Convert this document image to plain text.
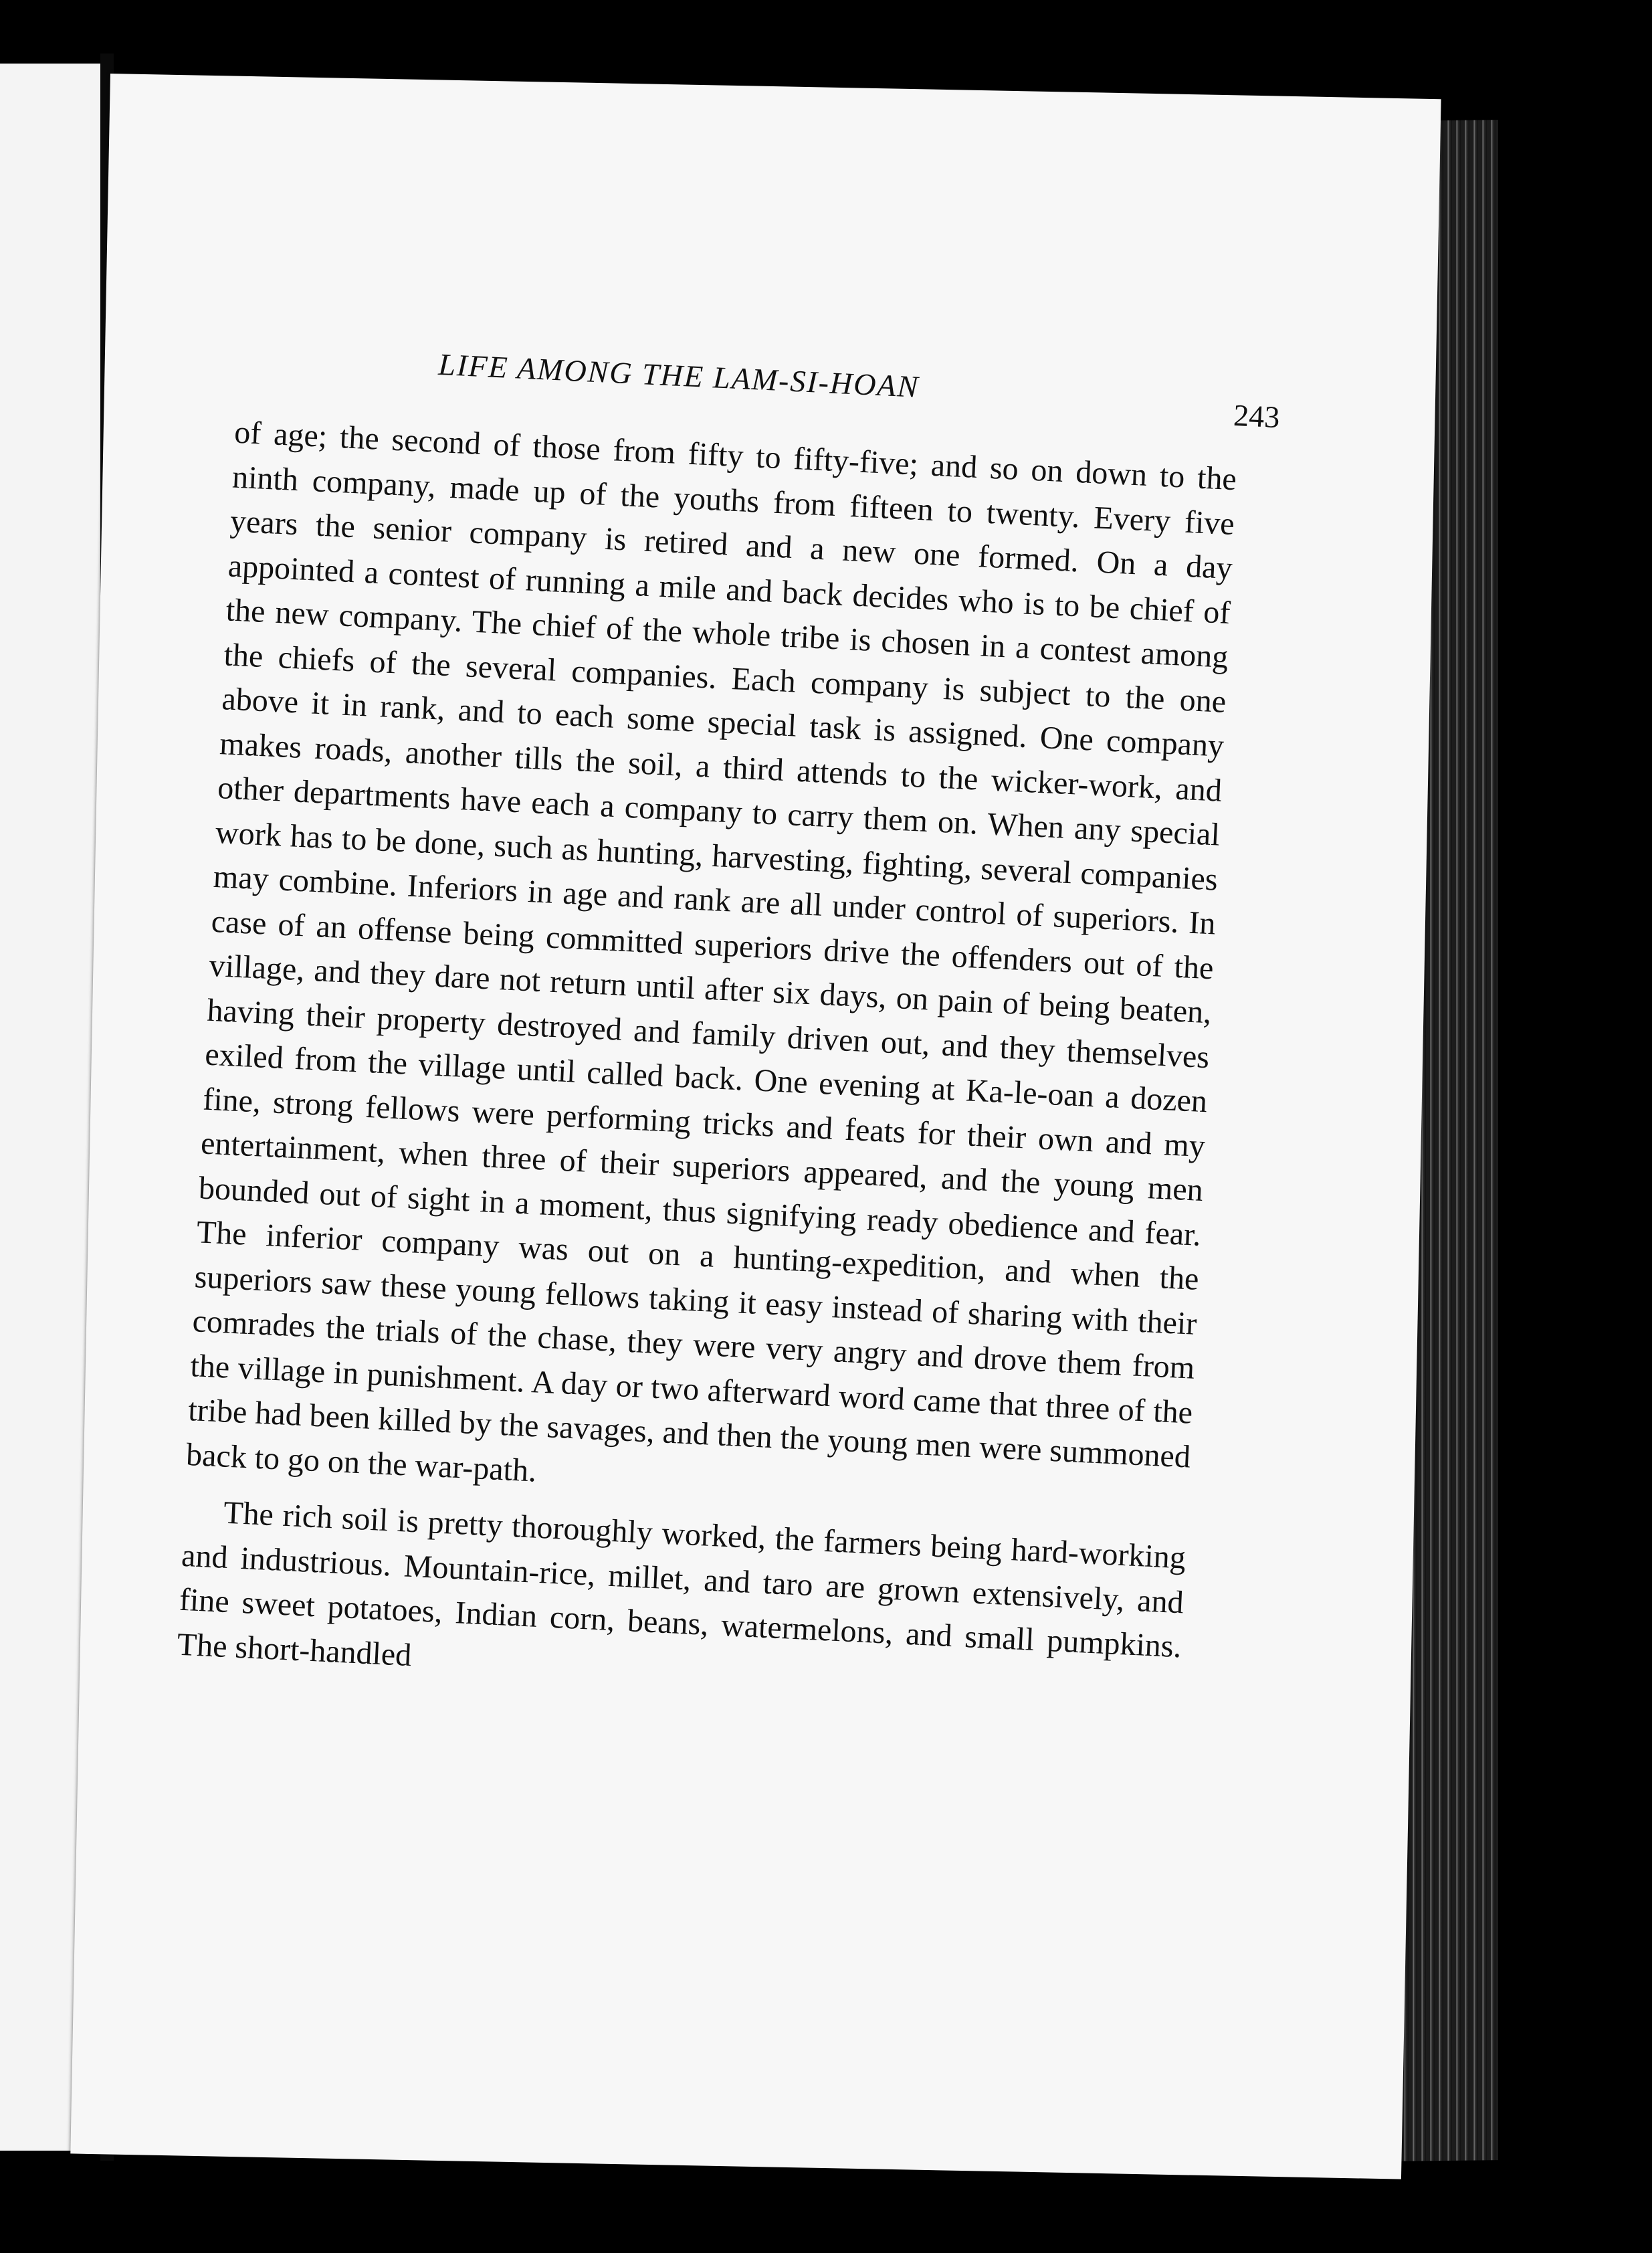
LIFE AMONG THE LAM-SI-HOAN
243

of age; the second of those from fifty to fifty-five; and so on down to the ninth company, made up of the youths from fifteen to twenty. Every five years the senior company is retired and a new one formed. On a day appointed a contest of running a mile and back decides who is to be chief of the new company. The chief of the whole tribe is chosen in a contest among the chiefs of the several companies. Each company is subject to the one above it in rank, and to each some special task is assigned. One company makes roads, another tills the soil, a third attends to the wicker-work, and other departments have each a company to carry them on. When any special work has to be done, such as hunting, harvesting, fighting, several companies may combine. Inferiors in age and rank are all under control of superiors. In case of an offense being committed superiors drive the offenders out of the village, and they dare not return until after six days, on pain of being beaten, having their property destroyed and family driven out, and they themselves exiled from the village until called back. One evening at Ka-le-oan a dozen fine, strong fellows were performing tricks and feats for their own and my entertainment, when three of their superiors appeared, and the young men bounded out of sight in a moment, thus signifying ready obedience and fear. The inferior company was out on a hunting-expedition, and when the superiors saw these young fellows taking it easy instead of sharing with their comrades the trials of the chase, they were very angry and drove them from the village in punishment. A day or two afterward word came that three of the tribe had been killed by the savages, and then the young men were summoned back to go on the war-path.

The rich soil is pretty thoroughly worked, the farmers being hard-working and industrious. Mountain-rice, millet, and taro are grown extensively, and fine sweet potatoes, Indian corn, beans, watermelons, and small pumpkins. The short-handled
